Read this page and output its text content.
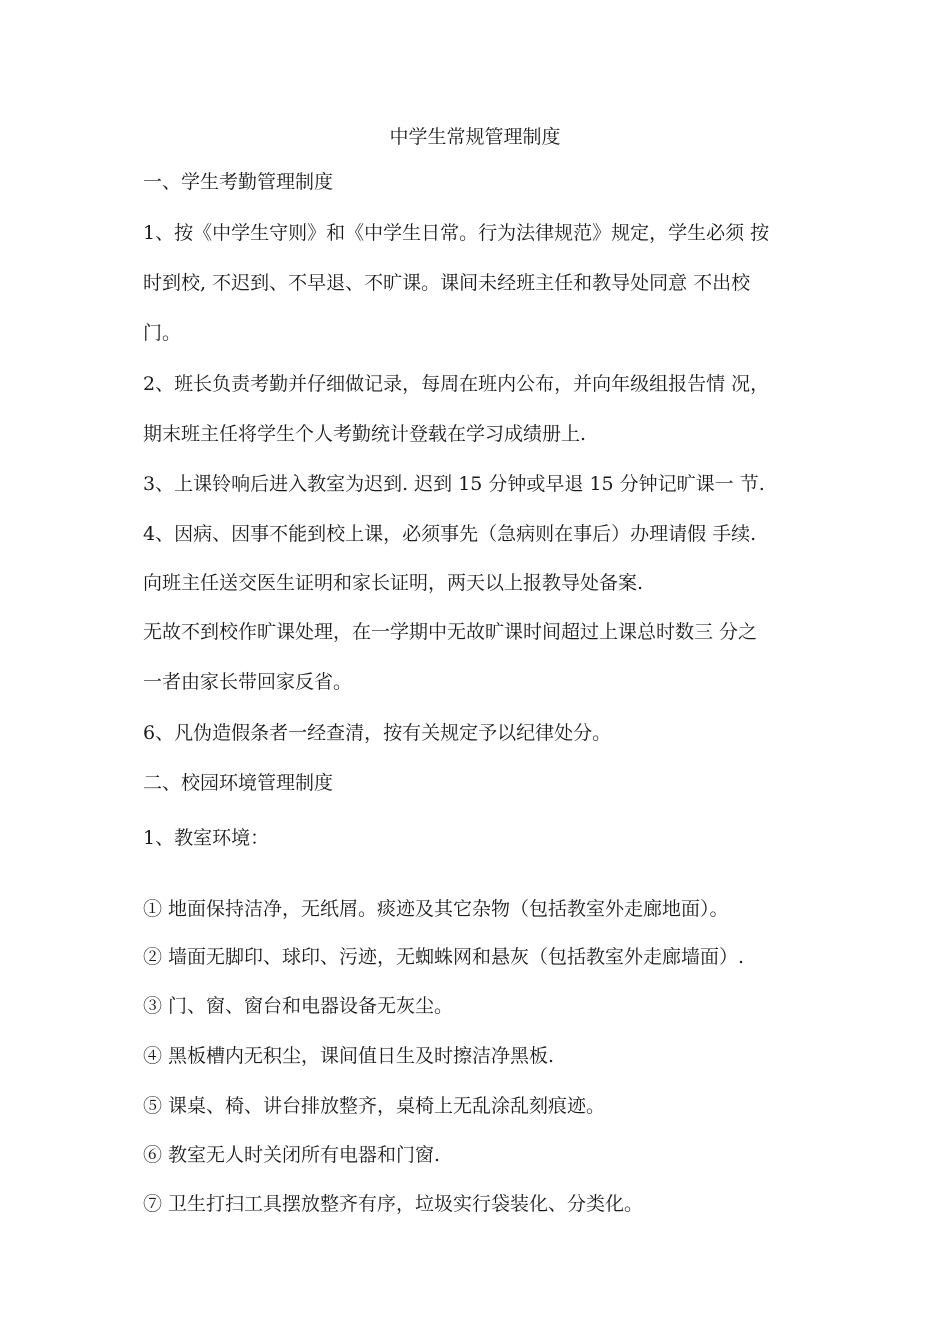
中学生常规管理制度
一、学生考勤管理制度
1、按《中学生守则》和《中学生日常。行为法律规范》规定，学生必须 按
时到校, 不迟到、不早退、不旷课。课间未经班主任和教导处同意 不出校
门。
2、班长负责考勤并仔细做记录，每周在班内公布，并向年级组报告情 况，
期末班主任将学生个人考勤统计登载在学习成绩册上.
3、上课铃响后进入教室为迟到. 迟到 15 分钟或早退 15 分钟记旷课一 节.
4、因病、因事不能到校上课，必须事先（急病则在事后）办理请假 手续.
向班主任送交医生证明和家长证明，两天以上报教导处备案.
无故不到校作旷课处理，在一学期中无故旷课时间超过上课总时数三 分之
一者由家长带回家反省。
6、凡伪造假条者一经查清，按有关规定予以纪律处分。
二、校园环境管理制度
1、教室环境：
① 地面保持洁净，无纸屑。痰迹及其它杂物（包括教室外走廊地面）。
② 墙面无脚印、球印、污迹，无蜘蛛网和悬灰（包括教室外走廊墙面）.
③ 门、窗、窗台和电器设备无灰尘。
④ 黑板槽内无积尘，课间值日生及时擦洁净黑板.
⑤ 课桌、椅、讲台排放整齐，桌椅上无乱涂乱刻痕迹。
⑥ 教室无人时关闭所有电器和门窗.
⑦ 卫生打扫工具摆放整齐有序，垃圾实行袋装化、分类化。
